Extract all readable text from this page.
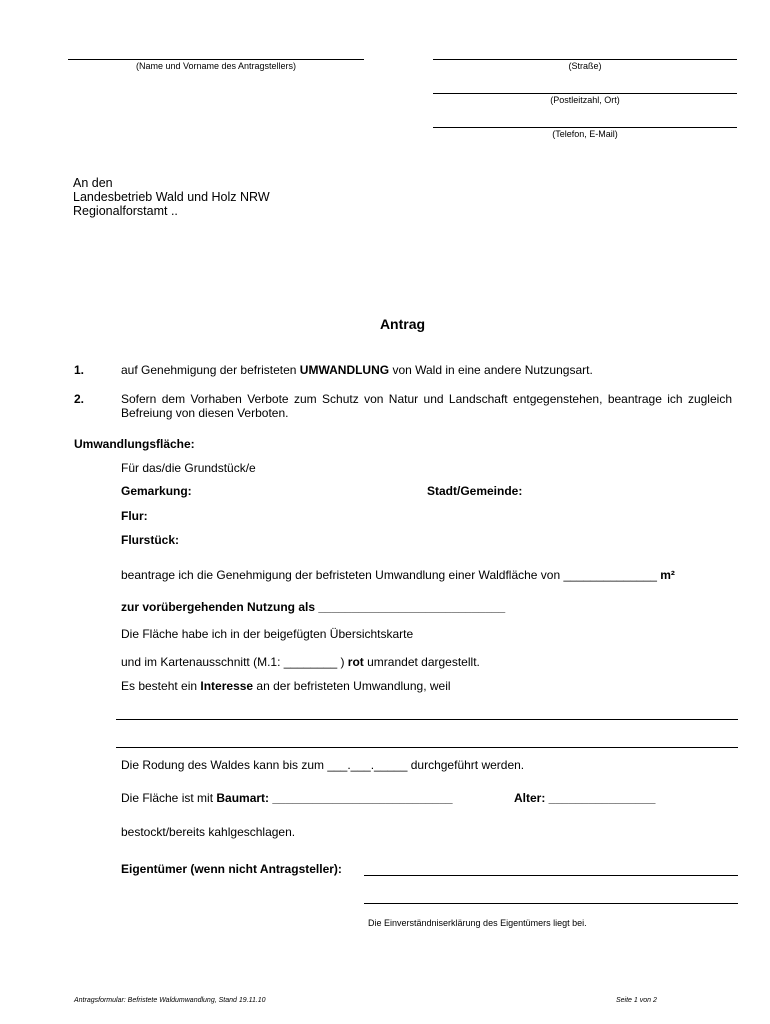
(Name und Vorname des Antragstellers)	(Straße)
(Postleitzahl, Ort)
(Telefon, E-Mail)
An den
Landesbetrieb Wald und Holz NRW
Regionalforstamt ..
Antrag
1.	auf Genehmigung der befristeten UMWANDLUNG von Wald in eine andere Nutzungsart.
2.	Sofern dem Vorhaben Verbote zum Schutz von Natur und Landschaft entgegenstehen, beantrage ich zugleich Befreiung von diesen Verboten.
Umwandlungsfläche:
Für das/die Grundstück/e
Gemarkung:	Stadt/Gemeinde:
Flur:
Flurstück:
beantrage ich die Genehmigung der befristeten Umwandlung einer Waldfläche von ______________ m²
zur vorübergehenden Nutzung als ____________________________
Die Fläche habe ich in der beigefügten Übersichtskarte
und im Kartenausschnitt (M.1: ________ ) rot umrandet dargestellt.
Es besteht ein Interesse an der befristeten Umwandlung, weil
Die Rodung des Waldes kann bis zum ___.___._____ durchgeführt werden.
Die Fläche ist mit Baumart: ___________________________	Alter: ________________
bestockt/bereits kahlgeschlagen.
Eigentümer (wenn nicht Antragsteller):
Die Einverständniserklärung des Eigentümers liegt bei.
Antragsformular: Befristete Waldumwandlung, Stand 19.11.10	Seite 1 von 2
